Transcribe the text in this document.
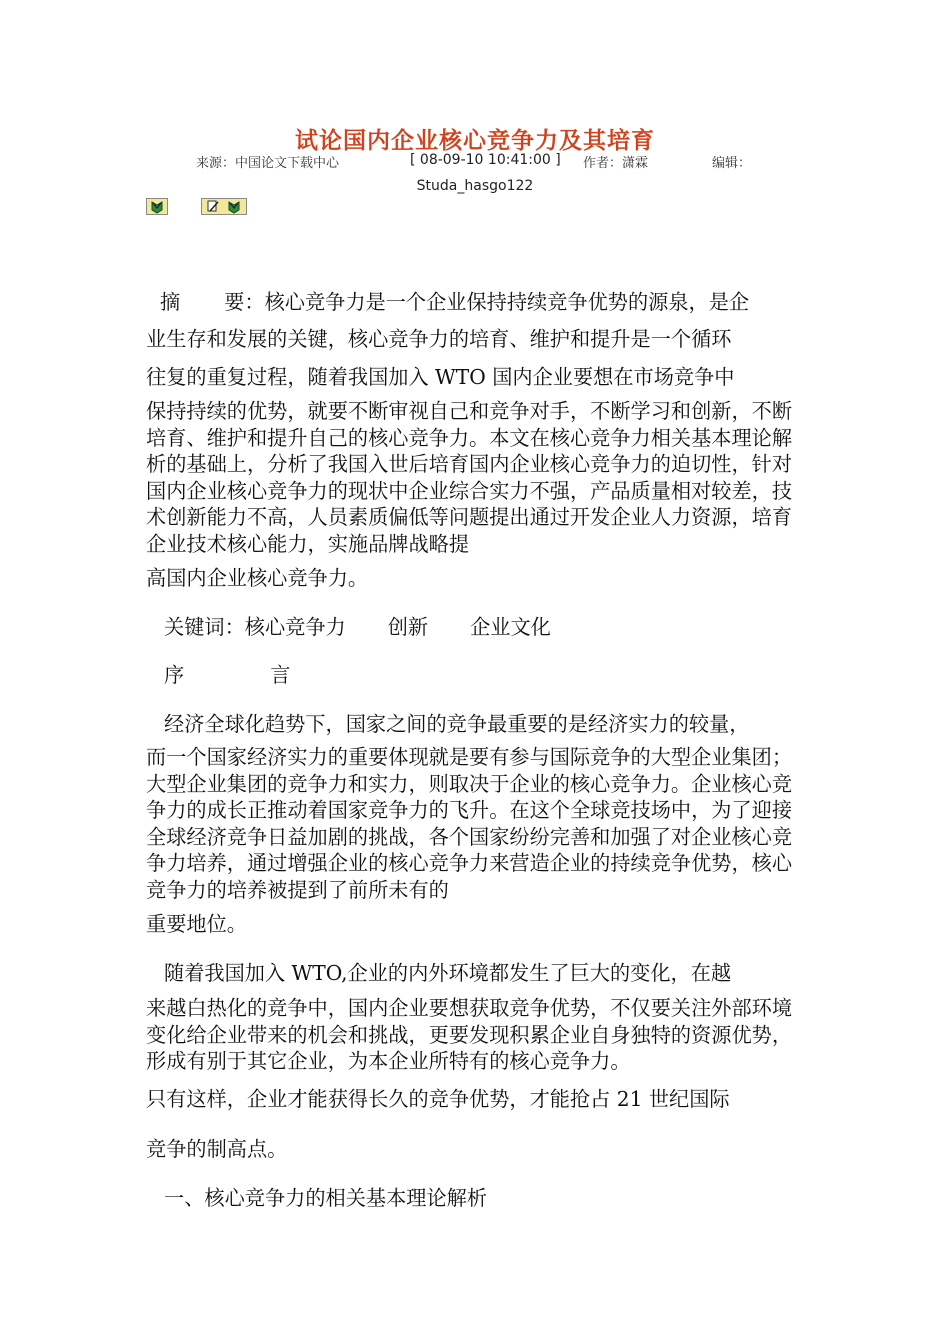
试论国内企业核心竞争力及其培育
来源：中国论文下载中心	[ 08-09-10 10:41:00 ] 作者：潇霖	编辑：
Studa_hasgo122
摘 要：核心竞争力是一个企业保持持续竞争优势的源泉，是企
业生存和发展的关键，核心竞争力的培育、维护和提升是一个循环
往复的重复过程，随着我国加入 WTO 国内企业要想在市场竞争中
保持持续的优势，就要不断审视自己和竞争对手，不断学习和创新，不断培育、维护和提升自己的核心竞争力。本文在核心竞争力相关基本理论解析的基础上，分析了我国入世后培育国内企业核心竞争力的迫切性，针对国内企业核心竞争力的现状中企业综合实力不强，产品质量相对较差，技术创新能力不高，人员素质偏低等问题提出通过开发企业人力资源，培育企业技术核心能力，实施品牌战略提
高国内企业核心竞争力。
关键词：核心竞争力 创新 企业文化
序	言
经济全球化趋势下，国家之间的竞争最重要的是经济实力的较量，
而一个国家经济实力的重要体现就是要有参与国际竞争的大型企业集团；大型企业集团的竞争力和实力，则取决于企业的核心竞争力。企业核心竞争力的成长正推动着国家竞争力的飞升。在这个全球竞技场中，为了迎接全球经济竞争日益加剧的挑战，各个国家纷纷完善和加强了对企业核心竞争力培养，通过增强企业的核心竞争力来营造企业的持续竞争优势，核心竞争力的培养被提到了前所未有的
重要地位。
随着我国加入 WTO,企业的内外环境都发生了巨大的变化，在越
来越白热化的竞争中，国内企业要想获取竞争优势，不仅要关注外部环境变化给企业带来的机会和挑战，更要发现积累企业自身独特的资源优势，形成有别于其它企业，为本企业所特有的核心竞争力。
只有这样，企业才能获得长久的竞争优势，才能抢占 21 世纪国际
竞争的制高点。
一、核心竞争力的相关基本理论解析
